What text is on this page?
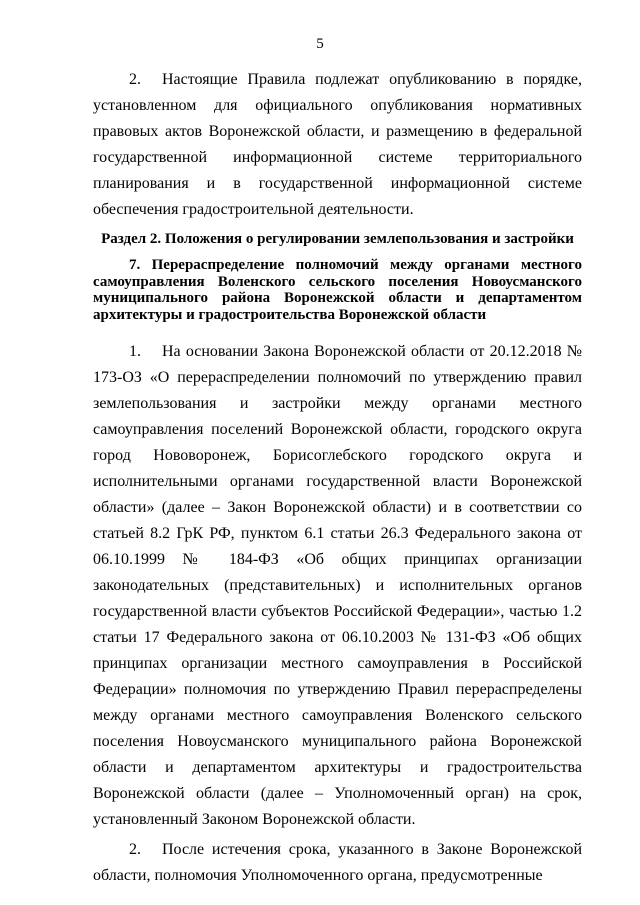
5

2. Настоящие Правила подлежат опубликованию в порядке, установленном для официального опубликования нормативных правовых актов Воронежской области, и размещению в федеральной государственной информационной системе территориального планирования и в государственной информационной системе обеспечения градостроительной деятельности.

Раздел 2. Положения о регулировании землепользования и застройки
7. Перераспределение полномочий между органами местного самоуправления Воленского сельского поселения Новоусманского муниципального района Воронежской области и департаментом архитектуры и градостроительства Воронежской области

1. На основании Закона Воронежской области от 20.12.2018 № 173-ОЗ «О перераспределении полномочий по утверждению правил землепользования и застройки между органами местного самоуправления поселений Воронежской области, городского округа город Нововоронеж, Борисоглебского городского округа и исполнительными органами государственной власти Воронежской области» (далее – Закон Воронежской области) и в соответствии со статьей 8.2 ГрК РФ, пунктом 6.1 статьи 26.3 Федерального закона от 06.10.1999 № 184-ФЗ «Об общих принципах организации законодательных (представительных) и исполнительных органов государственной власти субъектов Российской Федерации», частью 1.2 статьи 17 Федерального закона от 06.10.2003 № 131-ФЗ «Об общих принципах организации местного самоуправления в Российской Федерации» полномочия по утверждению Правил перераспределены между органами местного самоуправления Воленского сельского поселения Новоусманского муниципального района Воронежской области и департаментом архитектуры и градостроительства Воронежской области (далее – Уполномоченный орган) на срок, установленный Законом Воронежской области.

2. После истечения срока, указанного в Законе Воронежской области, полномочия Уполномоченного органа, предусмотренные
